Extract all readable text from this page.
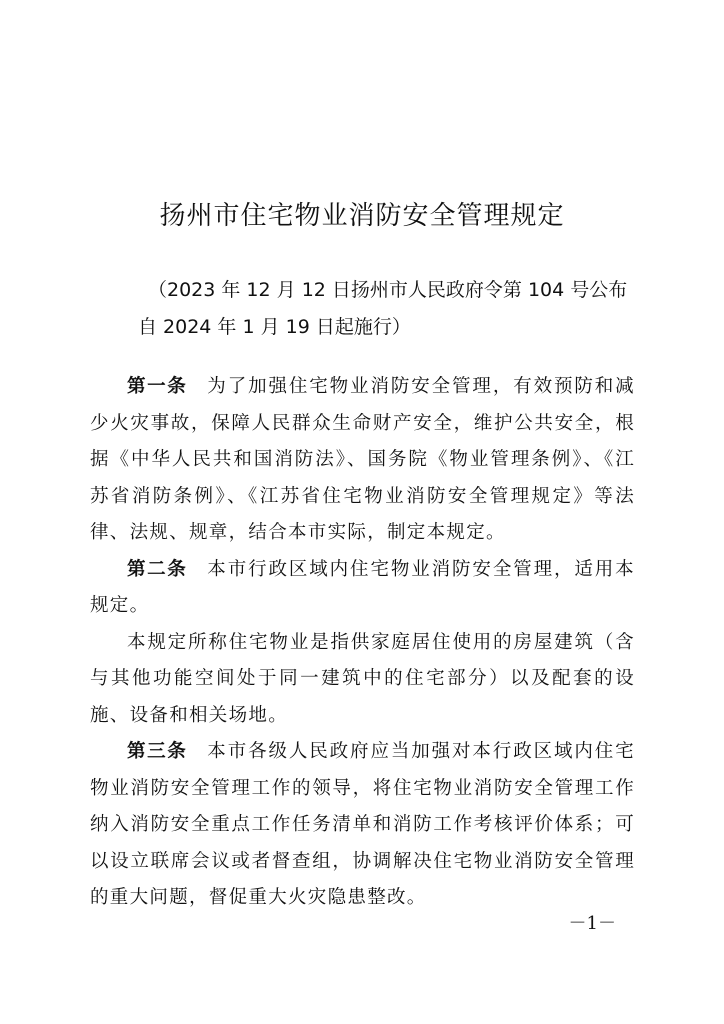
扬州市住宅物业消防安全管理规定
（2023 年 12 月 12 日扬州市人民政府令第 104 号公布
自 2024 年 1 月 19 日起施行）

第一条 为了加强住宅物业消防安全管理，有效预防和减少火灾事故，保障人民群众生命财产安全，维护公共安全，根据《中华人民共和国消防法》、国务院《物业管理条例》、《江苏省消防条例》、《江苏省住宅物业消防安全管理规定》等法律、法规、规章，结合本市实际，制定本规定。

第二条 本市行政区域内住宅物业消防安全管理，适用本规定。

本规定所称住宅物业是指供家庭居住使用的房屋建筑（含与其他功能空间处于同一建筑中的住宅部分）以及配套的设施、设备和相关场地。

第三条 本市各级人民政府应当加强对本行政区域内住宅物业消防安全管理工作的领导，将住宅物业消防安全管理工作纳入消防安全重点工作任务清单和消防工作考核评价体系；可以设立联席会议或者督查组，协调解决住宅物业消防安全管理的重大问题，督促重大火灾隐患整改。

－1－
